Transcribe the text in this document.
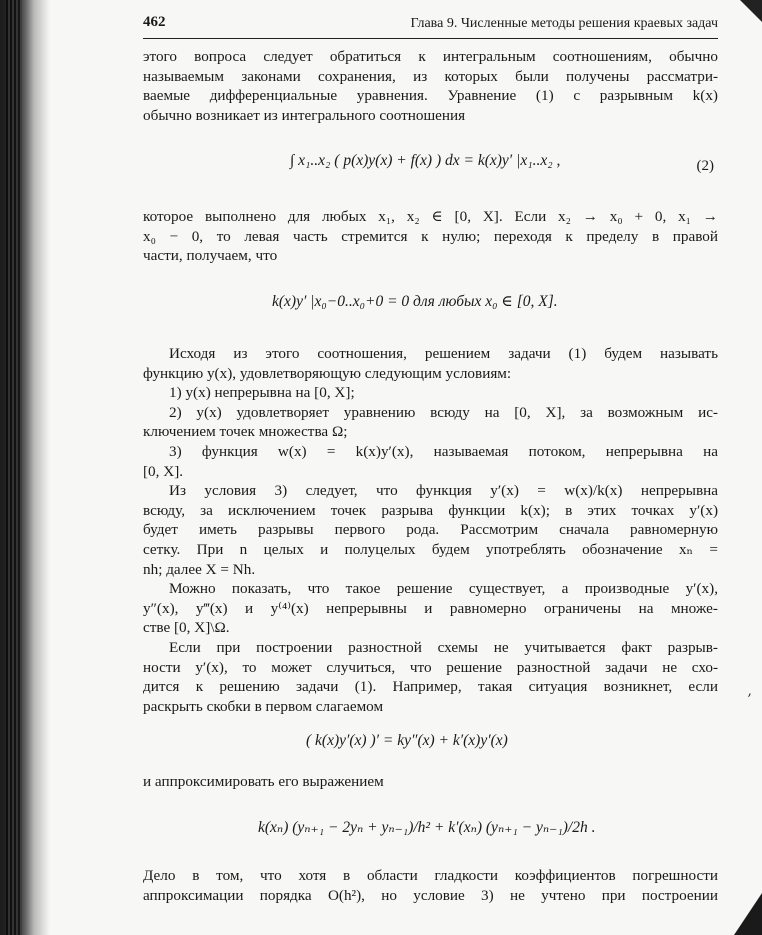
462	Глава 9. Численные методы решения краевых задач
этого вопроса следует обратиться к интегральным соотношениям, обычно
называемым законами сохранения, из которых были получены рассматри-
ваемые дифференциальные уравнения. Уравнение (1) с разрывным k(x)
обычно возникает из интегрального соотношения
∫ x₁..x₂ ( p(x)y(x) + f(x) ) dx = k(x)y′ |x₁..x₂ ,	(2)
которое выполнено для любых x₁, x₂ ∈ [0, X]. Если x₂ → x₀ + 0, x₁ →
x₀ − 0, то левая часть стремится к нулю; переходя к пределу в правой
части, получаем, что
k(x)y′ |x₀−0..x₀+0 = 0 для любых x₀ ∈ [0, X].
Исходя из этого соотношения, решением задачи (1) будем называть
функцию y(x), удовлетворяющую следующим условиям:
1) y(x) непрерывна на [0, X];
2) y(x) удовлетворяет уравнению всюду на [0, X], за возможным ис-
ключением точек множества Ω;
3) функция w(x) = k(x)y′(x), называемая потоком, непрерывна на
[0, X].
Из условия 3) следует, что функция y′(x) = w(x)/k(x) непрерывна
всюду, за исключением точек разрыва функции k(x); в этих точках y′(x)
будет иметь разрывы первого рода. Рассмотрим сначала равномерную
сетку. При n целых и полуцелых будем употреблять обозначение xₙ =
nh; далее X = Nh.
Можно показать, что такое решение существует, а производные y′(x),
y″(x), y‴(x) и y⁽⁴⁾(x) непрерывны и равномерно ограничены на множе-
стве [0, X]\Ω.
Если при построении разностной схемы не учитывается факт разрыв-
ности y′(x), то может случиться, что решение разностной задачи не схо-
дится к решению задачи (1). Например, такая ситуация возникнет, если
раскрыть скобки в первом слагаемом
( k(x)y′(x) )′ = ky″(x) + k′(x)y′(x)
и аппроксимировать его выражением
k(xₙ) (yₙ₊₁ − 2yₙ + yₙ₋₁)/h² + k′(xₙ) (yₙ₊₁ − yₙ₋₁)/2h .
Дело в том, что хотя в области гладкости коэффициентов погрешности
аппроксимации порядка O(h²), но условие 3) не учтено при построении
,
